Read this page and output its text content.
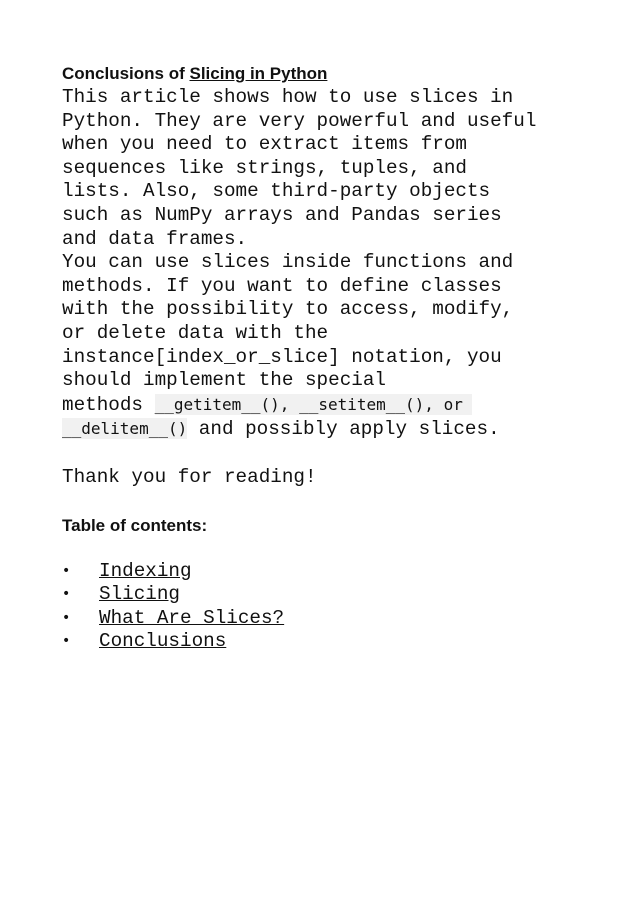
Conclusions of Slicing in Python

This article shows how to use slices in
Python. They are very powerful and useful
when you need to extract items from
sequences like strings, tuples, and
lists. Also, some third-party objects
such as NumPy arrays and Pandas series
and data frames.
You can use slices inside functions and
methods. If you want to define classes
with the possibility to access, modify,
or delete data with the
instance[index_or_slice] notation, you
should implement the special
methods __getitem__(), __setitem__(), or
__delitem__() and possibly apply slices.

Thank you for reading!

Table of contents:

• Indexing
• Slicing
• What Are Slices?
• Conclusions
